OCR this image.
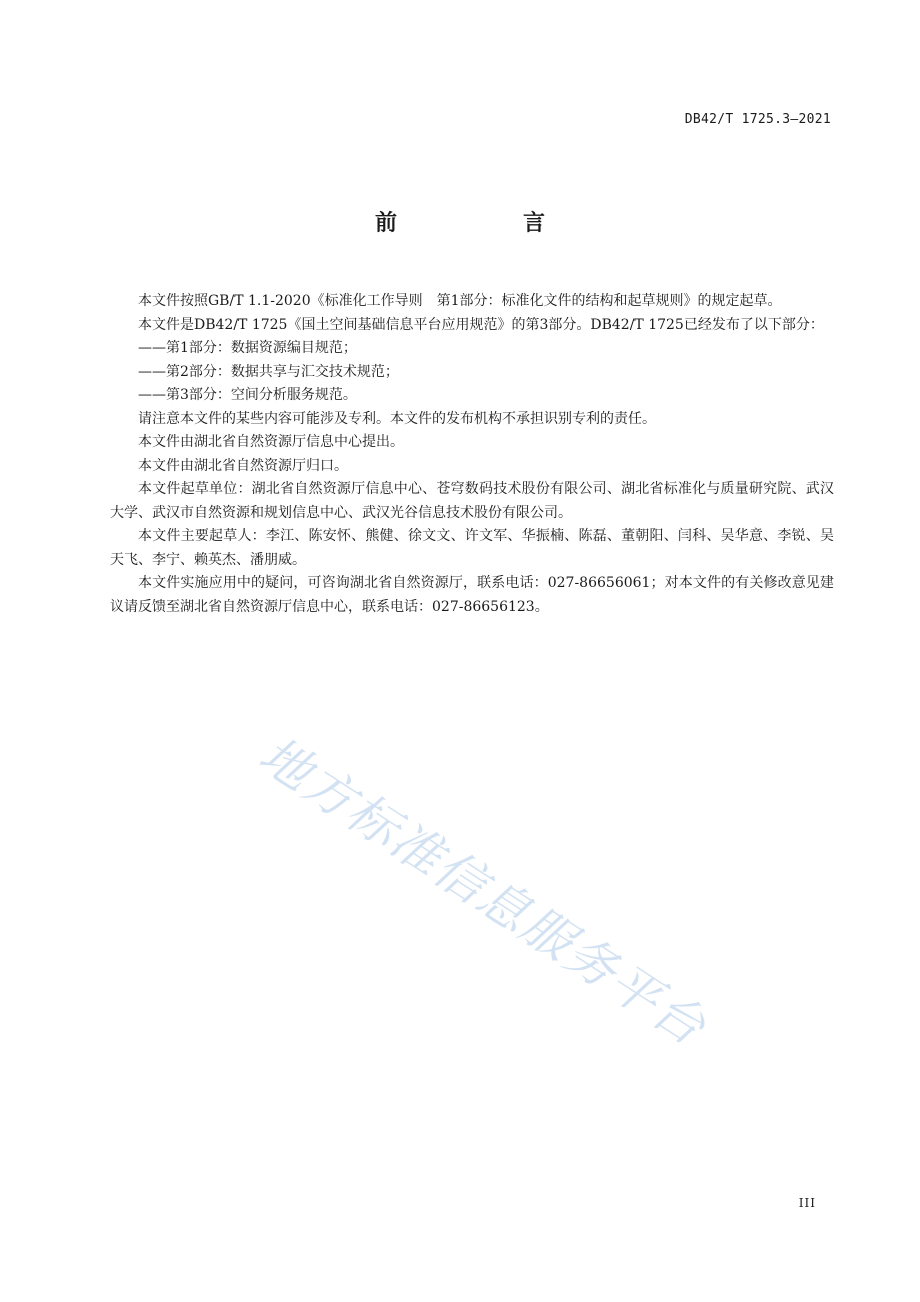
DB42/T 1725.3—2021
前　言

本文件按照GB/T 1.1-2020《标准化工作导则　第1部分：标准化文件的结构和起草规则》的规定起草。

本文件是DB42/T 1725《国土空间基础信息平台应用规范》的第3部分。DB42/T 1725已经发布了以下部分：

——第1部分：数据资源编目规范；

——第2部分：数据共享与汇交技术规范；

——第3部分：空间分析服务规范。

请注意本文件的某些内容可能涉及专利。本文件的发布机构不承担识别专利的责任。

本文件由湖北省自然资源厅信息中心提出。

本文件由湖北省自然资源厅归口。

本文件起草单位：湖北省自然资源厅信息中心、苍穹数码技术股份有限公司、湖北省标准化与质量研究院、武汉大学、武汉市自然资源和规划信息中心、武汉光谷信息技术股份有限公司。

本文件主要起草人：李江、陈安怀、熊健、徐文文、许文军、华振楠、陈磊、董朝阳、闫科、吴华意、李锐、吴天飞、李宁、赖英杰、潘朋威。

本文件实施应用中的疑问，可咨询湖北省自然资源厅，联系电话：027-86656061；对本文件的有关修改意见建议请反馈至湖北省自然资源厅信息中心，联系电话：027-86656123。

地方标准信息服务平台
III
